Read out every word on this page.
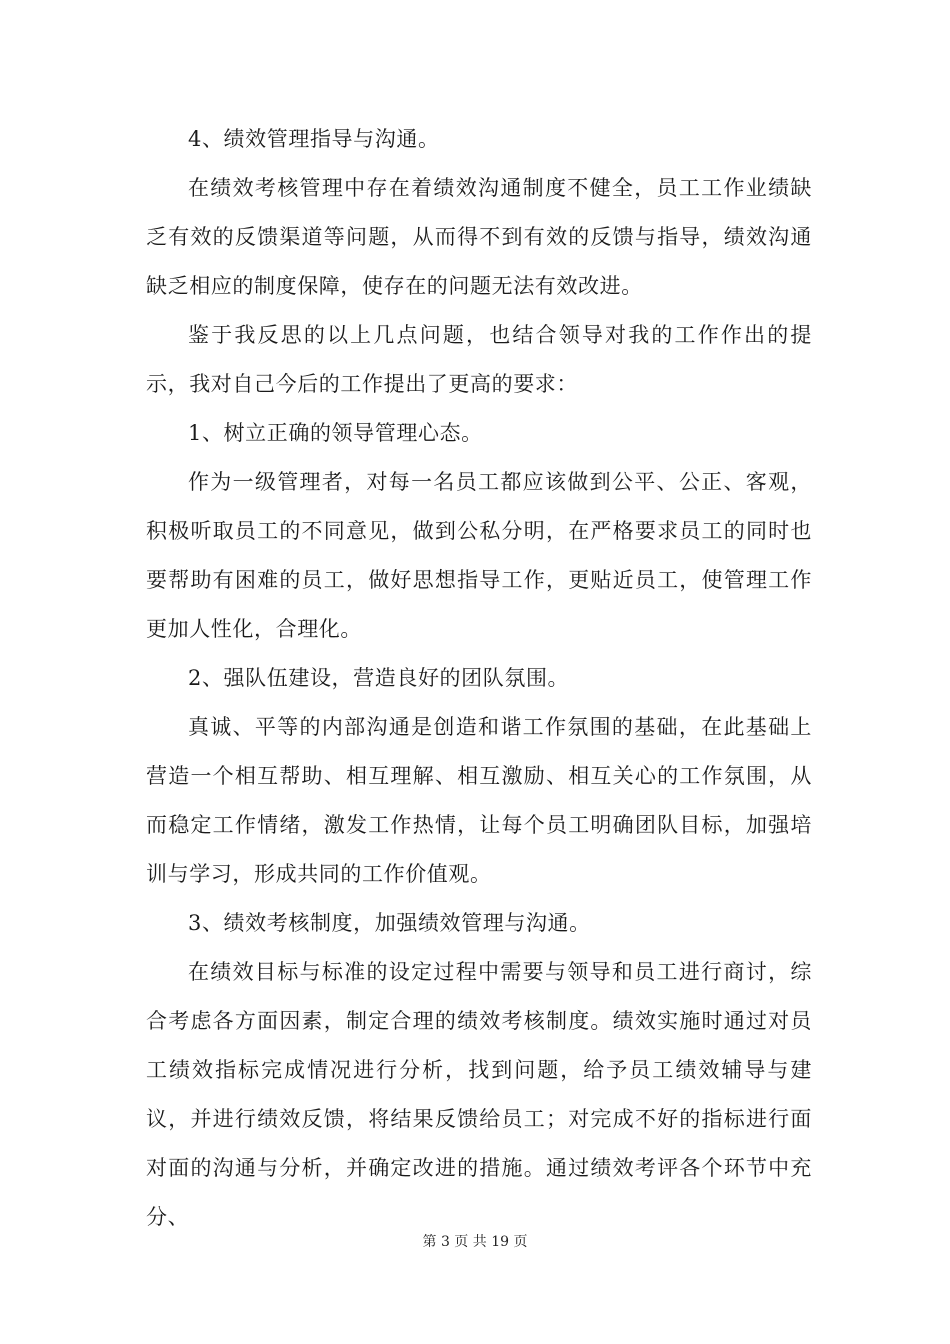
4、绩效管理指导与沟通。

在绩效考核管理中存在着绩效沟通制度不健全，员工工作业绩缺乏有效的反馈渠道等问题，从而得不到有效的反馈与指导，绩效沟通缺乏相应的制度保障，使存在的问题无法有效改进。

鉴于我反思的以上几点问题，也结合领导对我的工作作出的提示，我对自己今后的工作提出了更高的要求：

1、树立正确的领导管理心态。

作为一级管理者，对每一名员工都应该做到公平、公正、客观，积极听取员工的不同意见，做到公私分明，在严格要求员工的同时也要帮助有困难的员工，做好思想指导工作，更贴近员工，使管理工作更加人性化，合理化。

2、强队伍建设，营造良好的团队氛围。

真诚、平等的内部沟通是创造和谐工作氛围的基础，在此基础上营造一个相互帮助、相互理解、相互激励、相互关心的工作氛围，从而稳定工作情绪，激发工作热情，让每个员工明确团队目标，加强培训与学习，形成共同的工作价值观。

3、绩效考核制度，加强绩效管理与沟通。

在绩效目标与标准的设定过程中需要与领导和员工进行商讨，综合考虑各方面因素，制定合理的绩效考核制度。绩效实施时通过对员工绩效指标完成情况进行分析，找到问题，给予员工绩效辅导与建议，并进行绩效反馈，将结果反馈给员工；对完成不好的指标进行面对面的沟通与分析，并确定改进的措施。通过绩效考评各个环节中充分、

第 3 页 共 19 页
